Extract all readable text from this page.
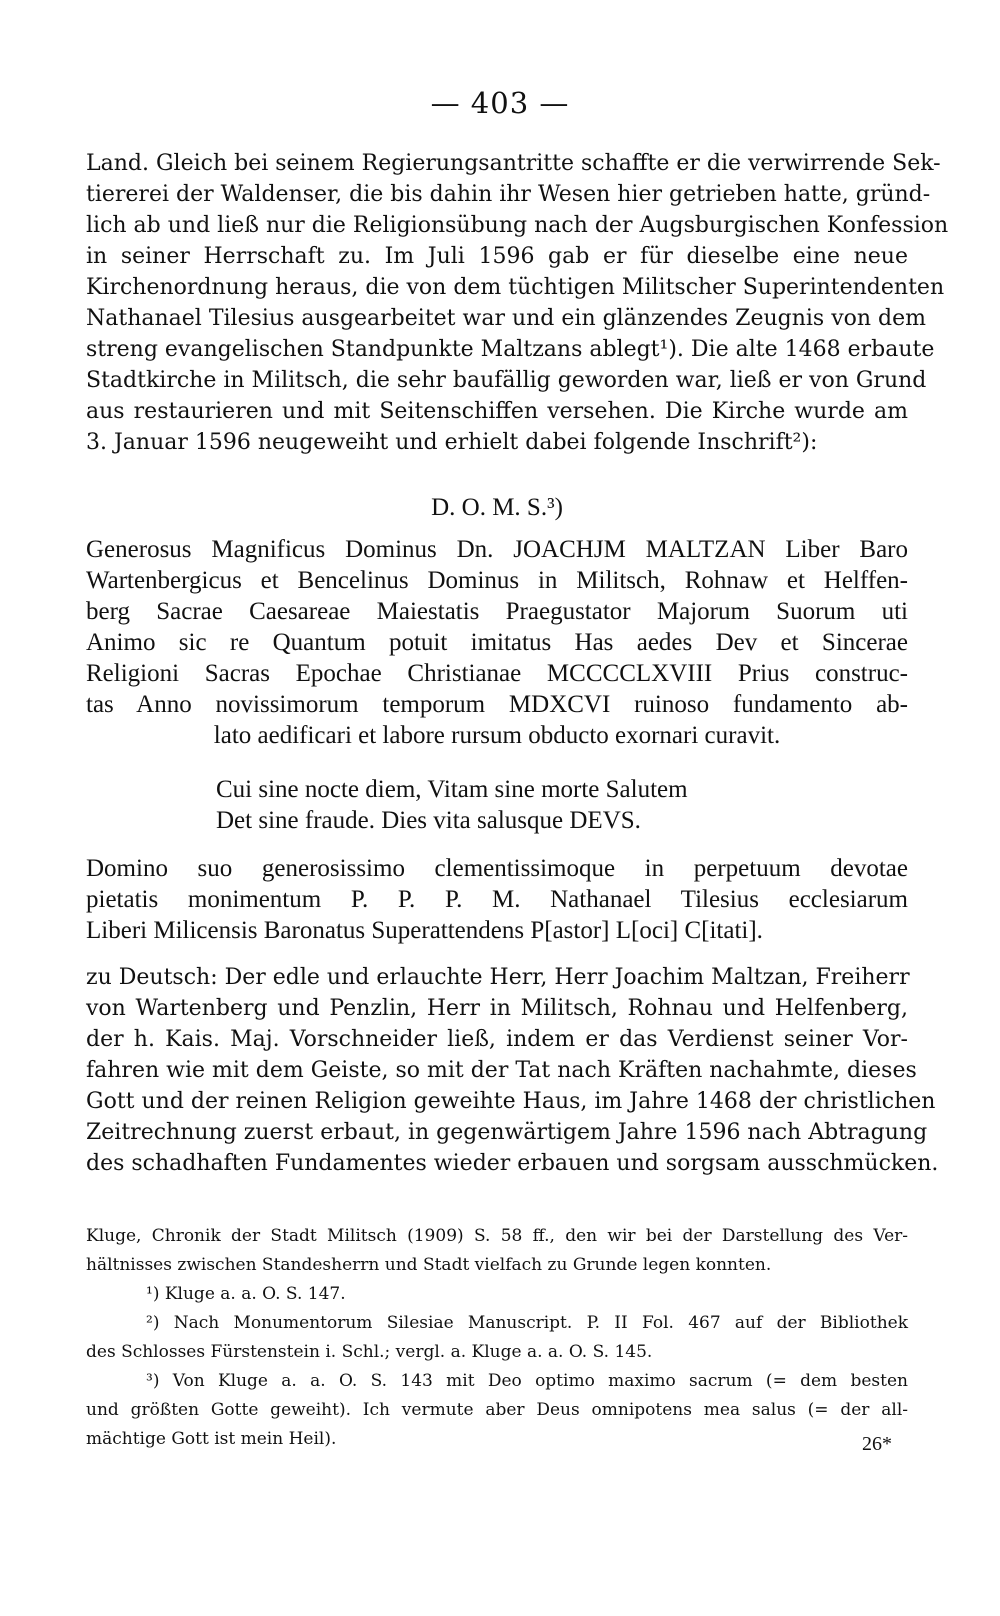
— 403 —
Land. Gleich bei seinem Regierungsantritte schaffte er die verwirrende Sek-
tiererei der Waldenser, die bis dahin ihr Wesen hier getrieben hatte, gründ-
lich ab und ließ nur die Religionsübung nach der Augsburgischen Konfession
in seiner Herrschaft zu. Im Juli 1596 gab er für dieselbe eine neue
Kirchenordnung heraus, die von dem tüchtigen Militscher Superintendenten
Nathanael Tilesius ausgearbeitet war und ein glänzendes Zeugnis von dem
streng evangelischen Standpunkte Maltzans ablegt¹). Die alte 1468 erbaute
Stadtkirche in Militsch, die sehr baufällig geworden war, ließ er von Grund
aus restaurieren und mit Seitenschiffen versehen. Die Kirche wurde am
3. Januar 1596 neugeweiht und erhielt dabei folgende Inschrift²):
D. O. M. S.³)
Generosus Magnificus Dominus Dn. JOACHJM MALTZAN Liber Baro
Wartenbergicus et Bencelinus Dominus in Militsch, Rohnaw et Helffen-
berg Sacrae Caesareae Maiestatis Praegustator Majorum Suorum uti
Animo sic re Quantum potuit imitatus Has aedes Dev et Sincerae
Religioni Sacras Epochae Christianae MCCCCLXVIII Prius construc-
tas Anno novissimorum temporum MDXCVI ruinoso fundamento ab-
lato aedificari et labore rursum obducto exornari curavit.
Cui sine nocte diem, Vitam sine morte Salutem
Det sine fraude. Dies vita salusque DEVS.
Domino suo generosissimo clementissimoque in perpetuum devotae
pietatis monimentum P. P. P. M. Nathanael Tilesius ecclesiarum
Liberi Milicensis Baronatus Superattendens P[astor] L[oci] C[itati].
zu Deutsch: Der edle und erlauchte Herr, Herr Joachim Maltzan, Freiherr
von Wartenberg und Penzlin, Herr in Militsch, Rohnau und Helfenberg,
der h. Kais. Maj. Vorschneider ließ, indem er das Verdienst seiner Vor-
fahren wie mit dem Geiste, so mit der Tat nach Kräften nachahmte, dieses
Gott und der reinen Religion geweihte Haus, im Jahre 1468 der christlichen
Zeitrechnung zuerst erbaut, in gegenwärtigem Jahre 1596 nach Abtragung
des schadhaften Fundamentes wieder erbauen und sorgsam ausschmücken.
Kluge, Chronik der Stadt Militsch (1909) S. 58 ff., den wir bei der Darstellung des Ver-
hältnisses zwischen Standesherrn und Stadt vielfach zu Grunde legen konnten.
¹) Kluge a. a. O. S. 147.
²) Nach Monumentorum Silesiae Manuscript. P. II Fol. 467 auf der Bibliothek
des Schlosses Fürstenstein i. Schl.; vergl. a. Kluge a. a. O. S. 145.
³) Von Kluge a. a. O. S. 143 mit Deo optimo maximo sacrum (= dem besten
und größten Gotte geweiht). Ich vermute aber Deus omnipotens mea salus (= der all-
mächtige Gott ist mein Heil).	26*
